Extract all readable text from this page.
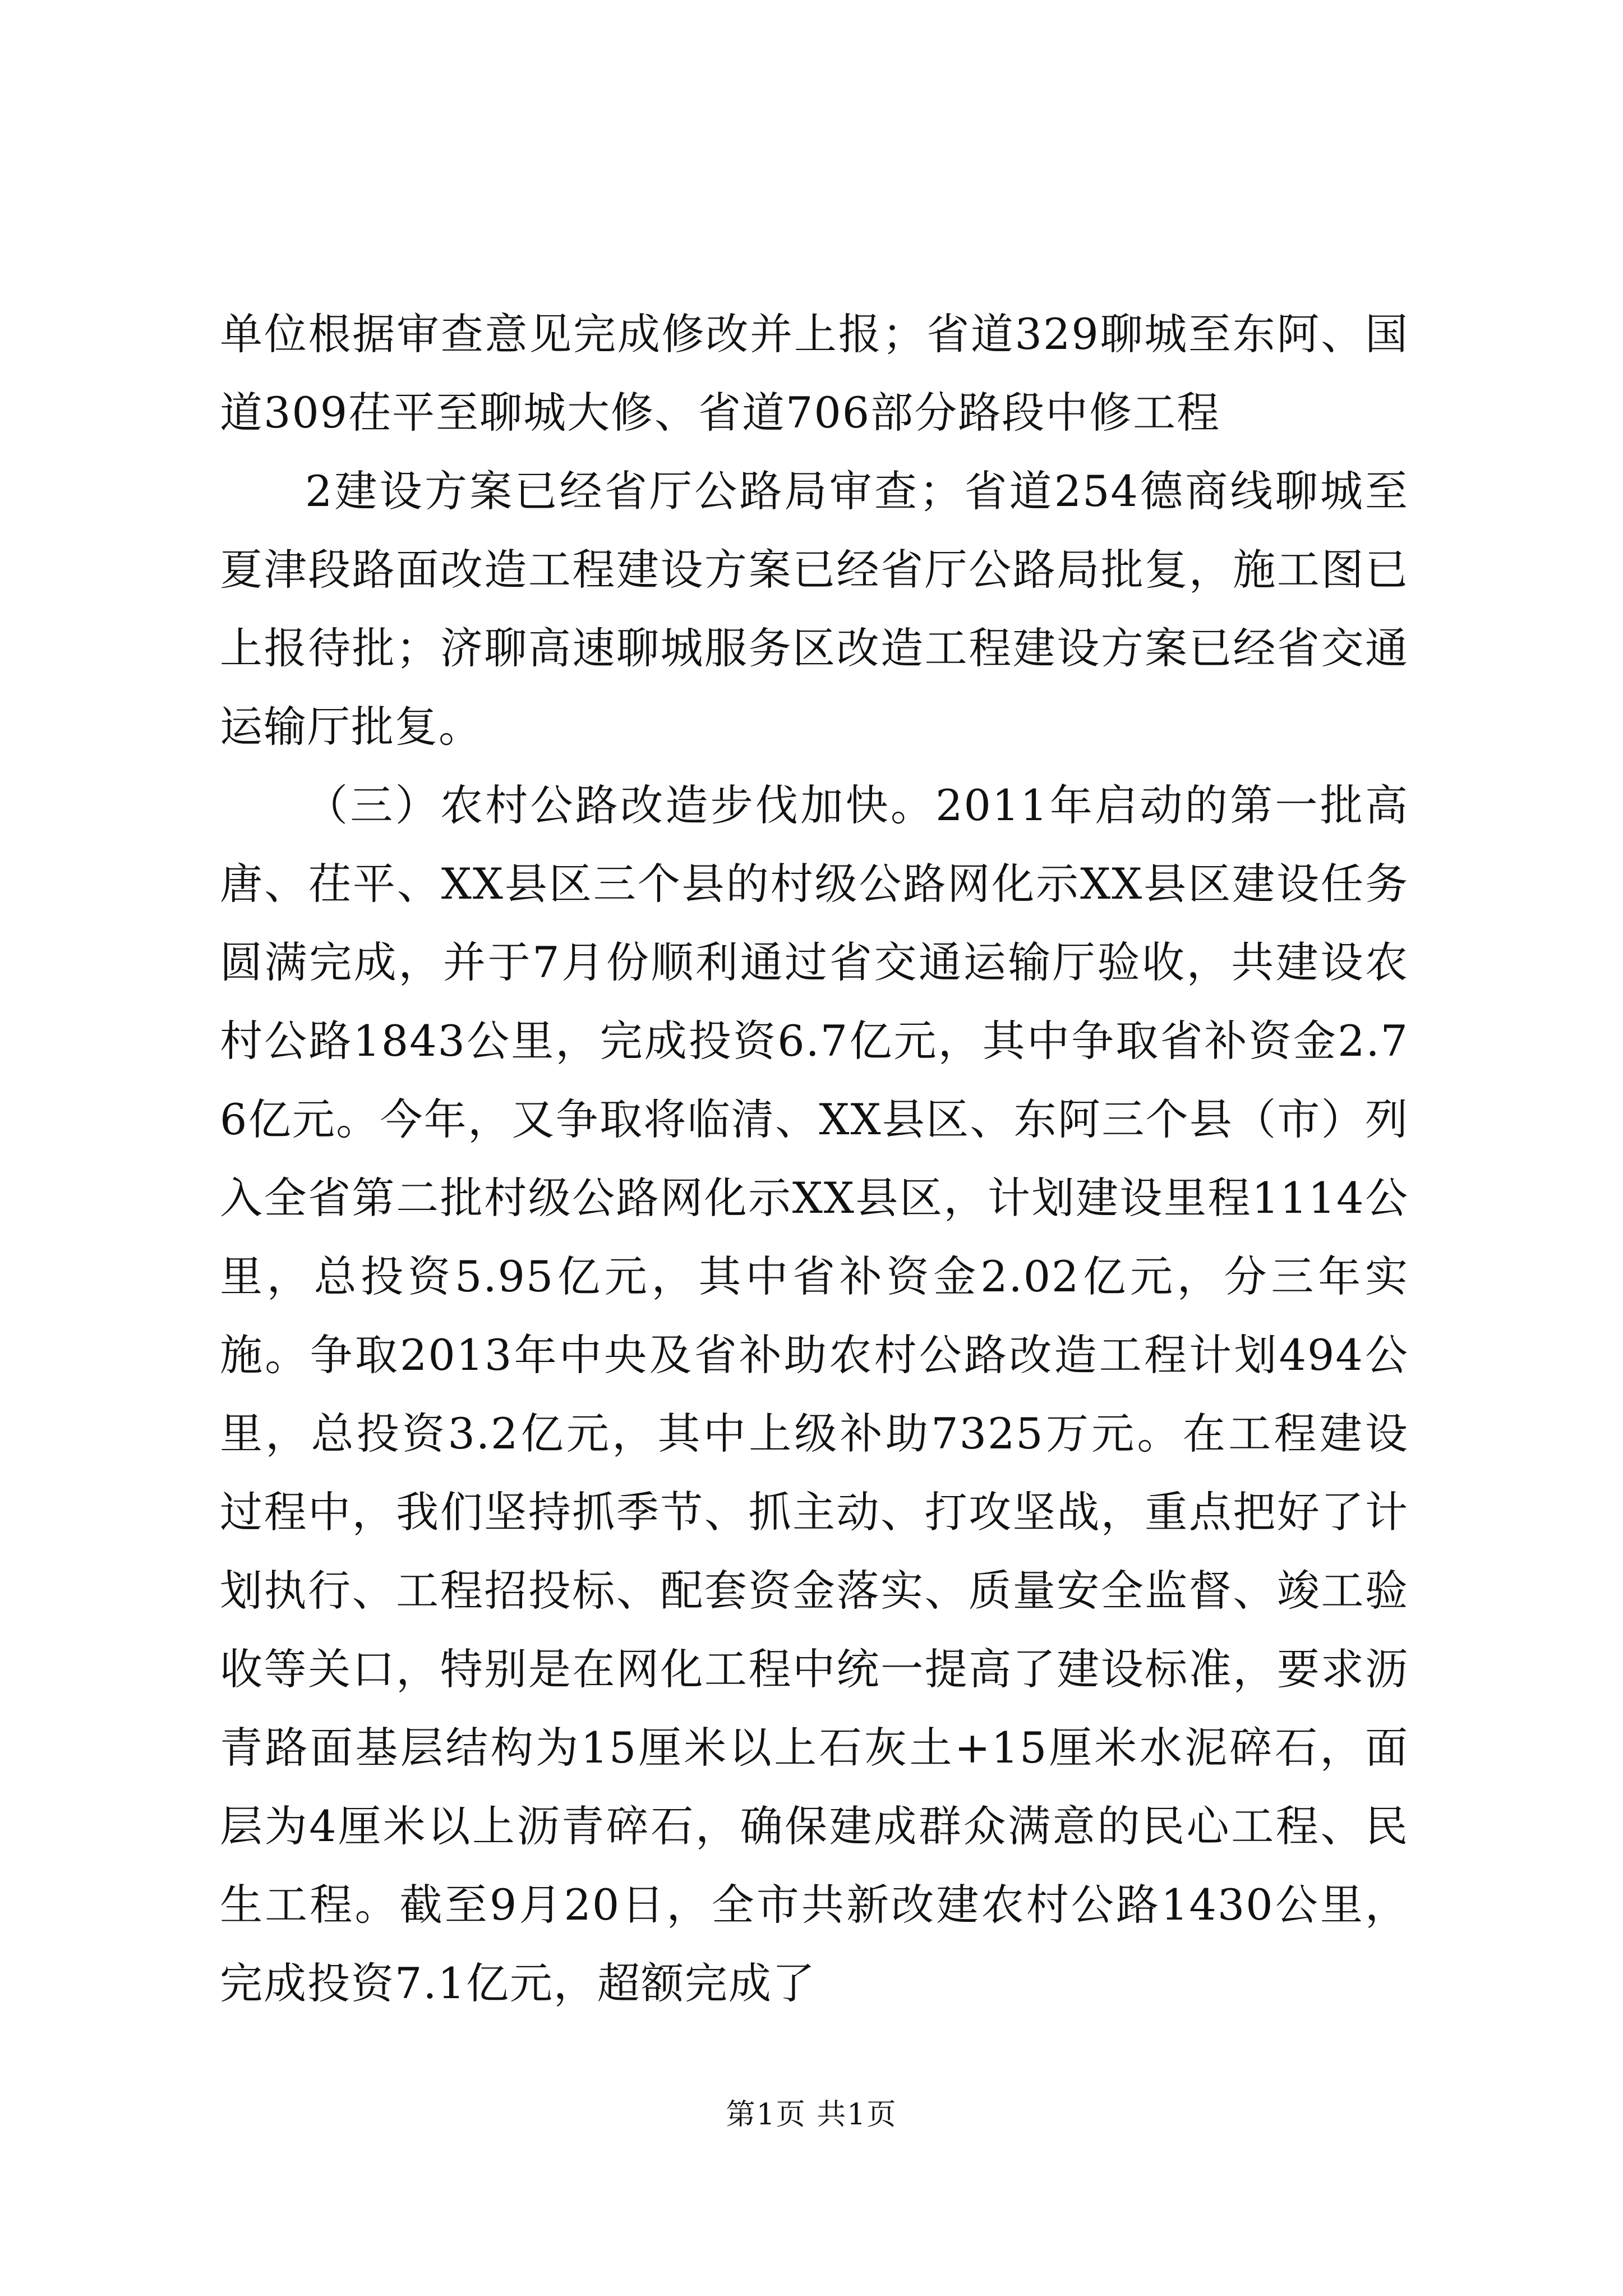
单位根据审查意见完成修改并上报；省道329聊城至东阿、国道309茌平至聊城大修、省道706部分路段中修工程

2建设方案已经省厅公路局审查；省道254德商线聊城至夏津段路面改造工程建设方案已经省厅公路局批复，施工图已上报待批；济聊高速聊城服务区改造工程建设方案已经省交通运输厅批复。

（三）农村公路改造步伐加快。2011年启动的第一批高唐、茌平、XX县区三个县的村级公路网化示XX县区建设任务圆满完成，并于7月份顺利通过省交通运输厅验收，共建设农村公路1843公里，完成投资6.7亿元，其中争取省补资金2.76亿元。今年，又争取将临清、XX县区、东阿三个县（市）列入全省第二批村级公路网化示XX县区，计划建设里程1114公里，总投资5.95亿元，其中省补资金2.02亿元，分三年实施。争取2013年中央及省补助农村公路改造工程计划494公里，总投资3.2亿元，其中上级补助7325万元。在工程建设过程中，我们坚持抓季节、抓主动、打攻坚战，重点把好了计划执行、工程招投标、配套资金落实、质量安全监督、竣工验收等关口，特别是在网化工程中统一提高了建设标准，要求沥青路面基层结构为15厘米以上石灰土+15厘米水泥碎石，面层为4厘米以上沥青碎石，确保建成群众满意的民心工程、民生工程。截至9月20日，全市共新改建农村公路1430公里，完成投资7.1亿元，超额完成了

第1页 共1页
